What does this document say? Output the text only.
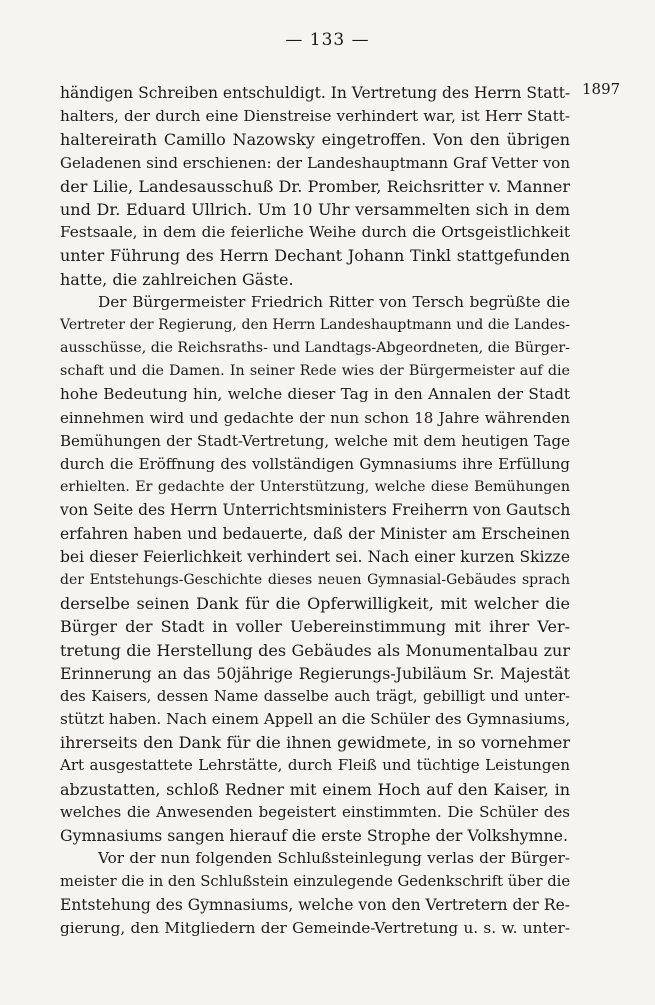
— 133 —
1897
händigen Schreiben entschuldigt. In Vertretung des Herrn Statt-
halters, der durch eine Dienstreise verhindert war, ist Herr Statt-
haltereirath Camillo Nazowsky eingetroffen. Von den übrigen
Geladenen sind erschienen: der Landeshauptmann Graf Vetter von
der Lilie, Landesausschuß Dr. Promber, Reichsritter v. Manner
und Dr. Eduard Ullrich. Um 10 Uhr versammelten sich in dem
Festsaale, in dem die feierliche Weihe durch die Ortsgeistlichkeit
unter Führung des Herrn Dechant Johann Tinkl stattgefunden
hatte, die zahlreichen Gäste.
Der Bürgermeister Friedrich Ritter von Tersch begrüßte die
Vertreter der Regierung, den Herrn Landeshauptmann und die Landes-
ausschüsse, die Reichsraths- und Landtags-Abgeordneten, die Bürger-
schaft und die Damen. In seiner Rede wies der Bürgermeister auf die
hohe Bedeutung hin, welche dieser Tag in den Annalen der Stadt
einnehmen wird und gedachte der nun schon 18 Jahre währenden
Bemühungen der Stadt-Vertretung, welche mit dem heutigen Tage
durch die Eröffnung des vollständigen Gymnasiums ihre Erfüllung
erhielten. Er gedachte der Unterstützung, welche diese Bemühungen
von Seite des Herrn Unterrichtsministers Freiherrn von Gautsch
erfahren haben und bedauerte, daß der Minister am Erscheinen
bei dieser Feierlichkeit verhindert sei. Nach einer kurzen Skizze
der Entstehungs-Geschichte dieses neuen Gymnasial-Gebäudes sprach
derselbe seinen Dank für die Opferwilligkeit, mit welcher die
Bürger der Stadt in voller Uebereinstimmung mit ihrer Ver-
tretung die Herstellung des Gebäudes als Monumentalbau zur
Erinnerung an das 50jährige Regierungs-Jubiläum Sr. Majestät
des Kaisers, dessen Name dasselbe auch trägt, gebilligt und unter-
stützt haben. Nach einem Appell an die Schüler des Gymnasiums,
ihrerseits den Dank für die ihnen gewidmete, in so vornehmer
Art ausgestattete Lehrstätte, durch Fleiß und tüchtige Leistungen
abzustatten, schloß Redner mit einem Hoch auf den Kaiser, in
welches die Anwesenden begeistert einstimmten. Die Schüler des
Gymnasiums sangen hierauf die erste Strophe der Volkshymne.
Vor der nun folgenden Schlußsteinlegung verlas der Bürger-
meister die in den Schlußstein einzulegende Gedenkschrift über die
Entstehung des Gymnasiums, welche von den Vertretern der Re-
gierung, den Mitgliedern der Gemeinde-Vertretung u. s. w. unter-
